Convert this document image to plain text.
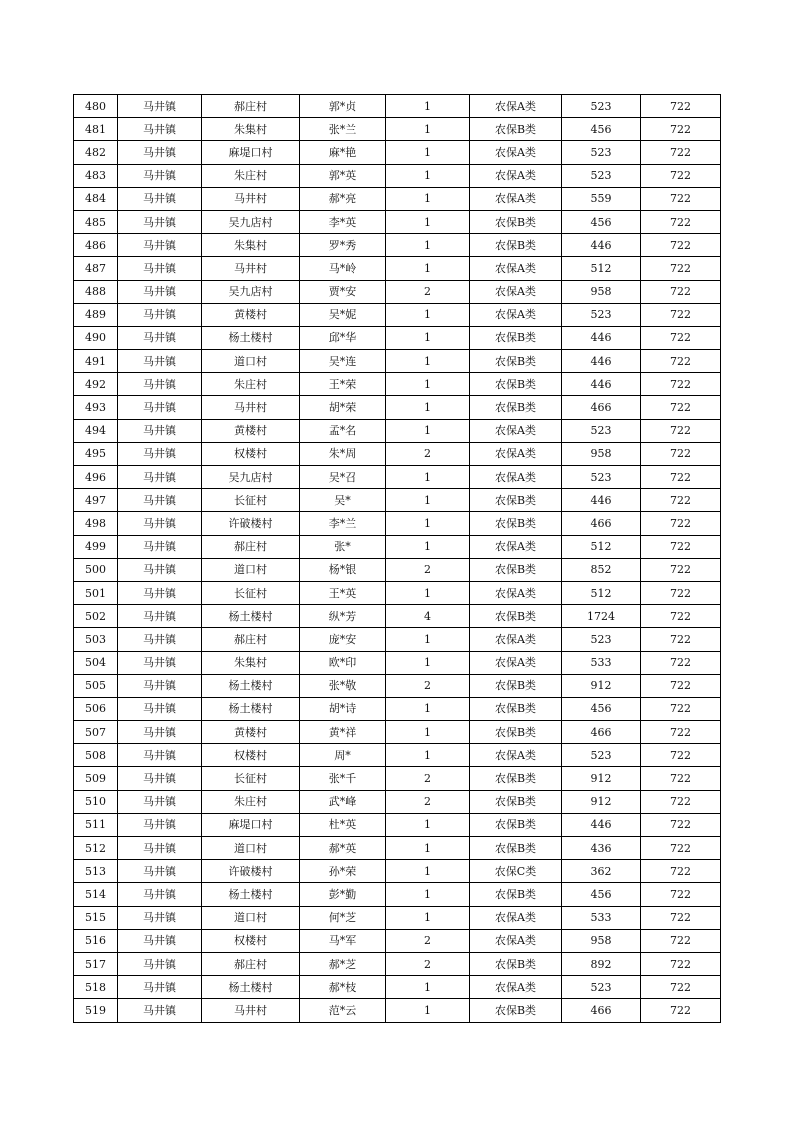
480	马井镇	郝庄村	郭*贞	1	农保A类	523	722
481	马井镇	朱集村	张*兰	1	农保B类	456	722
482	马井镇	麻堤口村	麻*艳	1	农保A类	523	722
483	马井镇	朱庄村	郭*英	1	农保A类	523	722
484	马井镇	马井村	郝*亮	1	农保A类	559	722
485	马井镇	吴九店村	李*英	1	农保B类	456	722
486	马井镇	朱集村	罗*秀	1	农保B类	446	722
487	马井镇	马井村	马*岭	1	农保A类	512	722
488	马井镇	吴九店村	贾*安	2	农保A类	958	722
489	马井镇	黄楼村	吴*妮	1	农保A类	523	722
490	马井镇	杨土楼村	邱*华	1	农保B类	446	722
491	马井镇	道口村	吴*连	1	农保B类	446	722
492	马井镇	朱庄村	王*荣	1	农保B类	446	722
493	马井镇	马井村	胡*荣	1	农保B类	466	722
494	马井镇	黄楼村	孟*名	1	农保A类	523	722
495	马井镇	权楼村	朱*周	2	农保A类	958	722
496	马井镇	吴九店村	吴*召	1	农保A类	523	722
497	马井镇	长征村	吴*	1	农保B类	446	722
498	马井镇	许破楼村	李*兰	1	农保B类	466	722
499	马井镇	郝庄村	张*	1	农保A类	512	722
500	马井镇	道口村	杨*银	2	农保B类	852	722
501	马井镇	长征村	王*英	1	农保A类	512	722
502	马井镇	杨土楼村	纵*芳	4	农保B类	1724	722
503	马井镇	郝庄村	庞*安	1	农保A类	523	722
504	马井镇	朱集村	欧*印	1	农保A类	533	722
505	马井镇	杨土楼村	张*敬	2	农保B类	912	722
506	马井镇	杨土楼村	胡*诗	1	农保B类	456	722
507	马井镇	黄楼村	黄*祥	1	农保B类	466	722
508	马井镇	权楼村	周*	1	农保A类	523	722
509	马井镇	长征村	张*千	2	农保B类	912	722
510	马井镇	朱庄村	武*峰	2	农保B类	912	722
511	马井镇	麻堤口村	杜*英	1	农保B类	446	722
512	马井镇	道口村	郝*英	1	农保B类	436	722
513	马井镇	许破楼村	孙*荣	1	农保C类	362	722
514	马井镇	杨土楼村	彭*勤	1	农保B类	456	722
515	马井镇	道口村	何*芝	1	农保A类	533	722
516	马井镇	权楼村	马*军	2	农保A类	958	722
517	马井镇	郝庄村	郝*芝	2	农保B类	892	722
518	马井镇	杨土楼村	郝*枝	1	农保A类	523	722
519	马井镇	马井村	范*云	1	农保B类	466	722
